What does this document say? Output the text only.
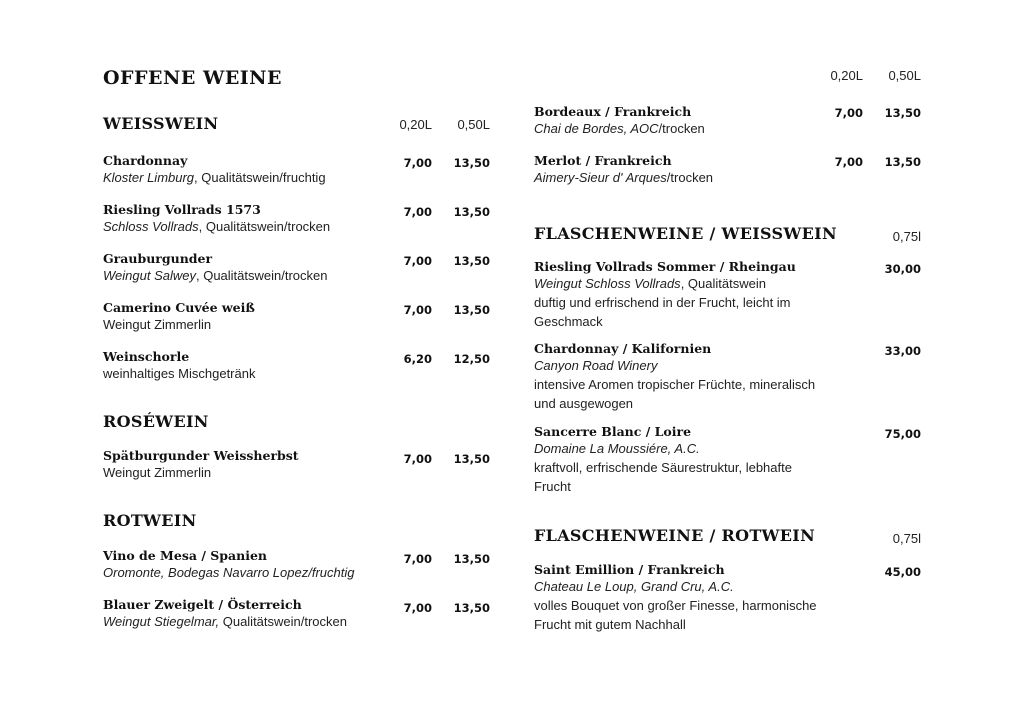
OFFENE WEINE
WEISSWEIN	0,20L 0,50L
Chardonnay
Kloster Limburg, Qualitätswein/fruchtig
7,00 13,50
Riesling Vollrads 1573
Schloss Vollrads, Qualitätswein/trocken
7,00 13,50
Grauburgunder
Weingut Salwey, Qualitätswein/trocken
7,00 13,50
Camerino Cuvée weiß
Weingut Zimmerlin
7,00 13,50
Weinschorle
weinhaltiges Mischgetränk
6,20 12,50
ROSÉWEIN
Spätburgunder Weissherbst
Weingut Zimmerlin
7,00 13,50
ROTWEIN
Vino de Mesa / Spanien
Oromonte, Bodegas Navarro Lopez/fruchtig
7,00 13,50
Blauer Zweigelt / Österreich
Weingut Stiegelmar, Qualitätswein/trocken
7,00 13,50
0,20L 0,50L
Bordeaux / Frankreich
Chai de Bordes, AOC/trocken
7,00 13,50
Merlot / Frankreich
Aimery-Sieur d' Arques/trocken
7,00 13,50
FLASCHENWEINE / WEISSWEIN	0,75l
Riesling Vollrads Sommer / Rheingau
Weingut Schloss Vollrads, Qualitätswein
duftig und erfrischend in der Frucht, leicht im
Geschmack
30,00
Chardonnay / Kalifornien
Canyon Road Winery
intensive Aromen tropischer Früchte, mineralisch
und ausgewogen
33,00
Sancerre Blanc / Loire
Domaine La Moussiére, A.C.
kraftvoll, erfrischende Säurestruktur, lebhafte
Frucht
75,00
FLASCHENWEINE / ROTWEIN	0,75l
Saint Emillion / Frankreich
Chateau Le Loup, Grand Cru, A.C.
volles Bouquet von großer Finesse, harmonische
Frucht mit gutem Nachhall
45,00
